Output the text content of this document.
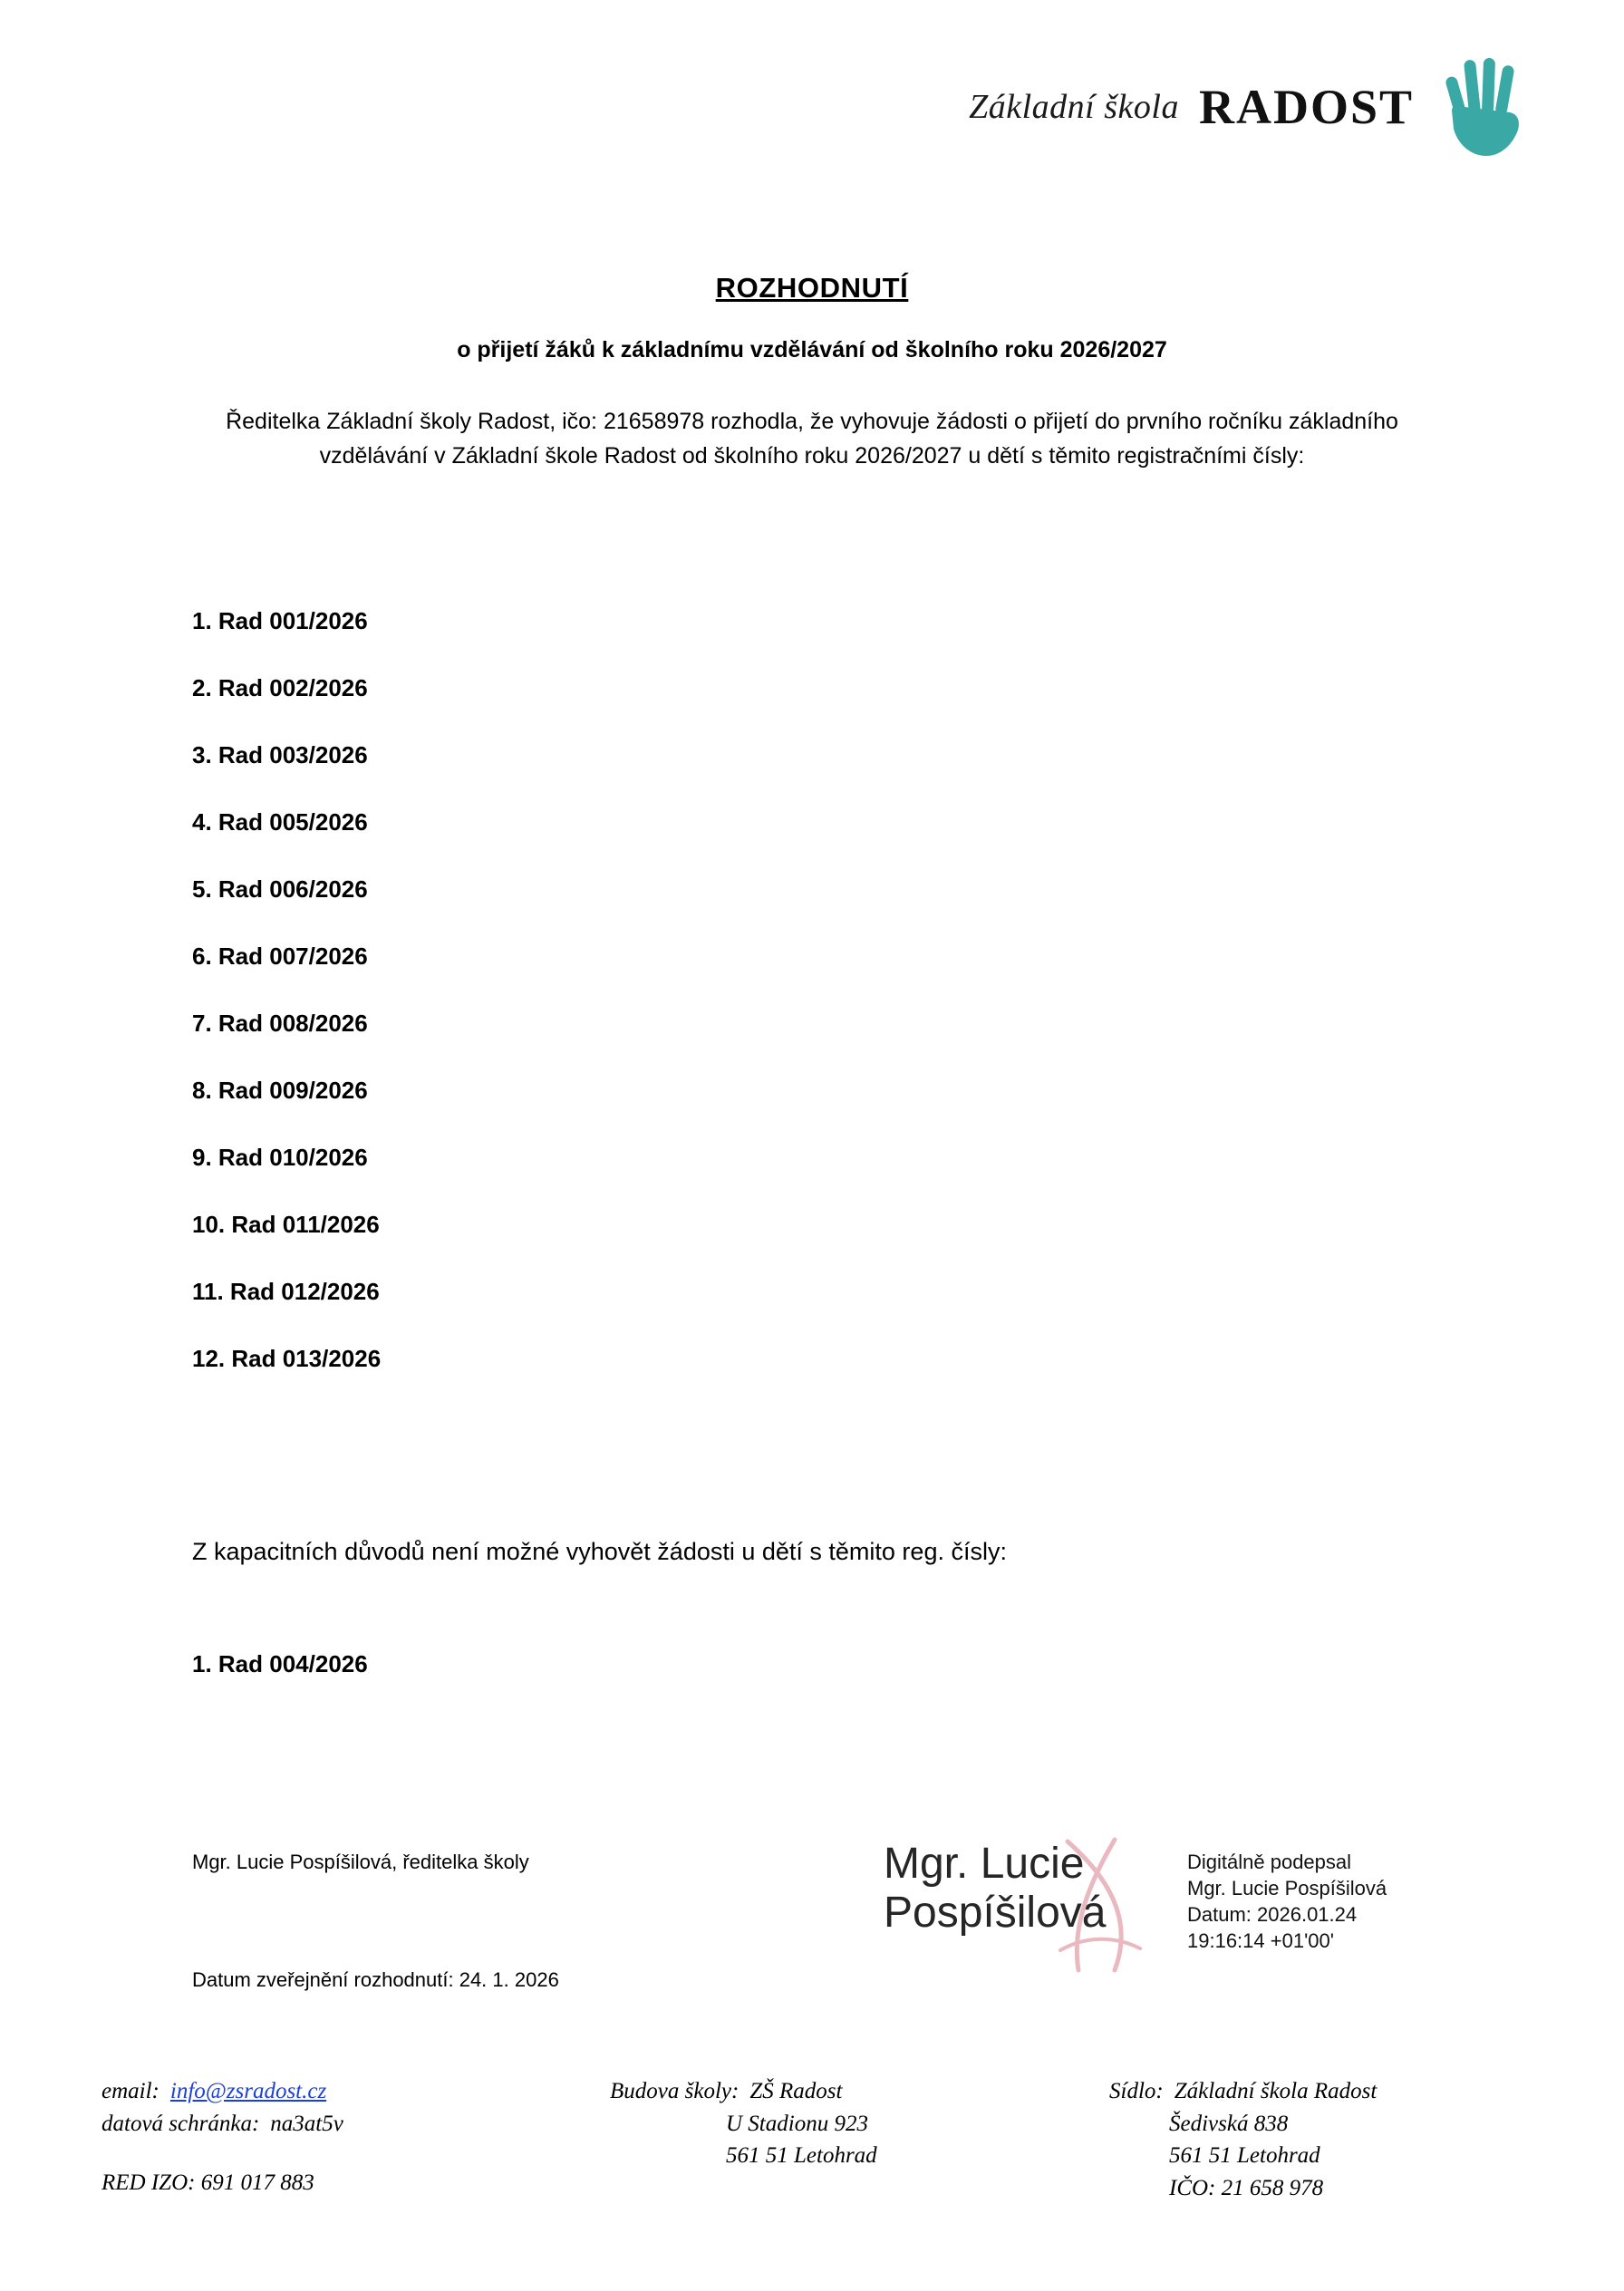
Základní škola RADOST
ROZHODNUTÍ
o přijetí žáků k základnímu vzdělávání od školního roku 2026/2027
Ředitelka Základní školy Radost, ičo: 21658978 rozhodla, že vyhovuje žádosti o přijetí do prvního ročníku základního vzdělávání v Základní škole Radost od školního roku 2026/2027 u dětí s těmito registračními čísly:
1. Rad 001/2026
2. Rad 002/2026
3. Rad 003/2026
4. Rad 005/2026
5. Rad 006/2026
6. Rad 007/2026
7. Rad 008/2026
8. Rad 009/2026
9. Rad 010/2026
10. Rad 011/2026
11. Rad 012/2026
12. Rad 013/2026
Z kapacitních důvodů není možné vyhovět žádosti u dětí s těmito reg. čísly:
1. Rad 004/2026
Mgr. Lucie Pospíšilová, ředitelka školy
Datum zveřejnění rozhodnutí: 24. 1. 2026
Mgr. Lucie
Pospíšilová
Digitálně podepsal
Mgr. Lucie Pospíšilová
Datum: 2026.01.24
19:16:14 +01'00'
email: info@zsradost.cz
datová schránka: na3at5v
RED IZO: 691 017 883
Budova školy: ZŠ Radost
U Stadionu 923
561 51 Letohrad
Sídlo: Základní škola Radost
Šedivská 838
561 51 Letohrad
IČO: 21 658 978
